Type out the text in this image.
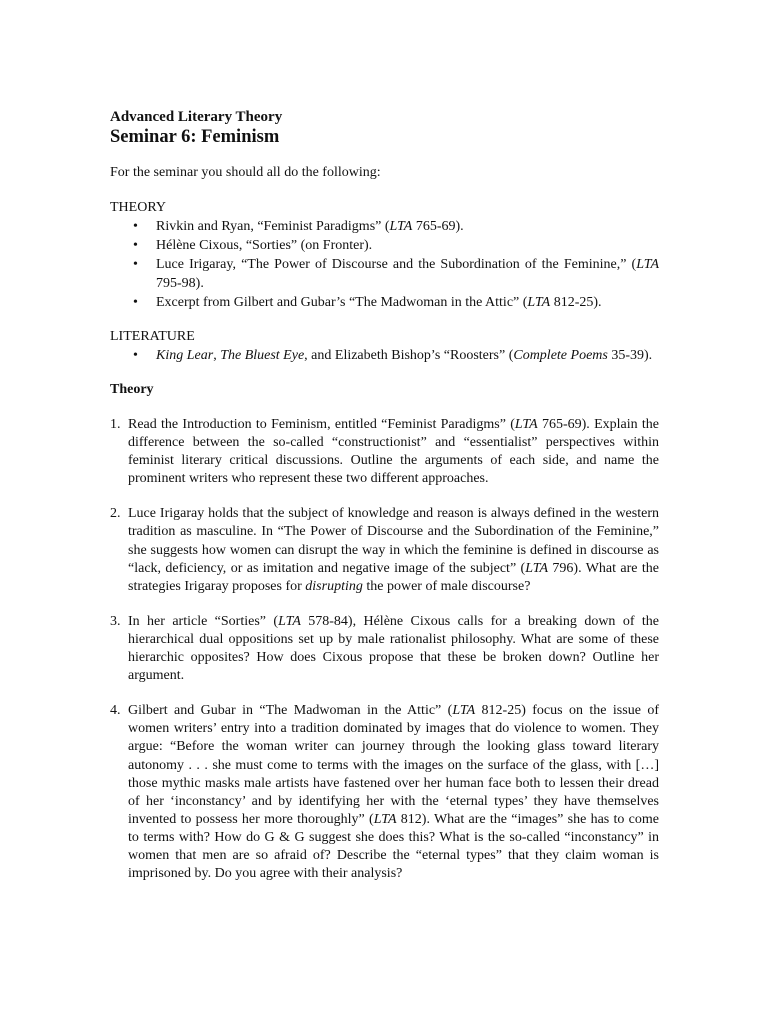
Advanced Literary Theory

Seminar 6: Feminism

For the seminar you should all do the following:

THEORY

• Rivkin and Ryan, “Feminist Paradigms” (LTA 765-69).
• Hélène Cixous, “Sorties” (on Fronter).
• Luce Irigaray, “The Power of Discourse and the Subordination of the Feminine,” (LTA 795-98).
• Excerpt from Gilbert and Gubar’s “The Madwoman in the Attic” (LTA 812-25).

LITERATURE

• King Lear, The Bluest Eye, and Elizabeth Bishop’s “Roosters” (Complete Poems 35-39).

Theory

1. Read the Introduction to Feminism, entitled “Feminist Paradigms” (LTA 765-69). Explain the difference between the so-called “constructionist” and “essentialist” perspectives within feminist literary critical discussions. Outline the arguments of each side, and name the prominent writers who represent these two different approaches.
2. Luce Irigaray holds that the subject of knowledge and reason is always defined in the western tradition as masculine. In “The Power of Discourse and the Subordination of the Feminine,” she suggests how women can disrupt the way in which the feminine is defined in discourse as “lack, deficiency, or as imitation and negative image of the subject” (LTA 796). What are the strategies Irigaray proposes for disrupting the power of male discourse?
3. In her article “Sorties” (LTA 578-84), Hélène Cixous calls for a breaking down of the hierarchical dual oppositions set up by male rationalist philosophy. What are some of these hierarchic opposites? How does Cixous propose that these be broken down? Outline her argument.
4. Gilbert and Gubar in “The Madwoman in the Attic” (LTA 812-25) focus on the issue of women writers’ entry into a tradition dominated by images that do violence to women. They argue: “Before the woman writer can journey through the looking glass toward literary autonomy . . . she must come to terms with the images on the surface of the glass, with […] those mythic masks male artists have fastened over her human face both to lessen their dread of her ‘inconstancy’ and by identifying her with the ‘eternal types’ they have themselves invented to possess her more thoroughly” (LTA 812). What are the “images” she has to come to terms with? How do G & G suggest she does this? What is the so-called “inconstancy” in women that men are so afraid of? Describe the “eternal types” that they claim woman is imprisoned by. Do you agree with their analysis?
